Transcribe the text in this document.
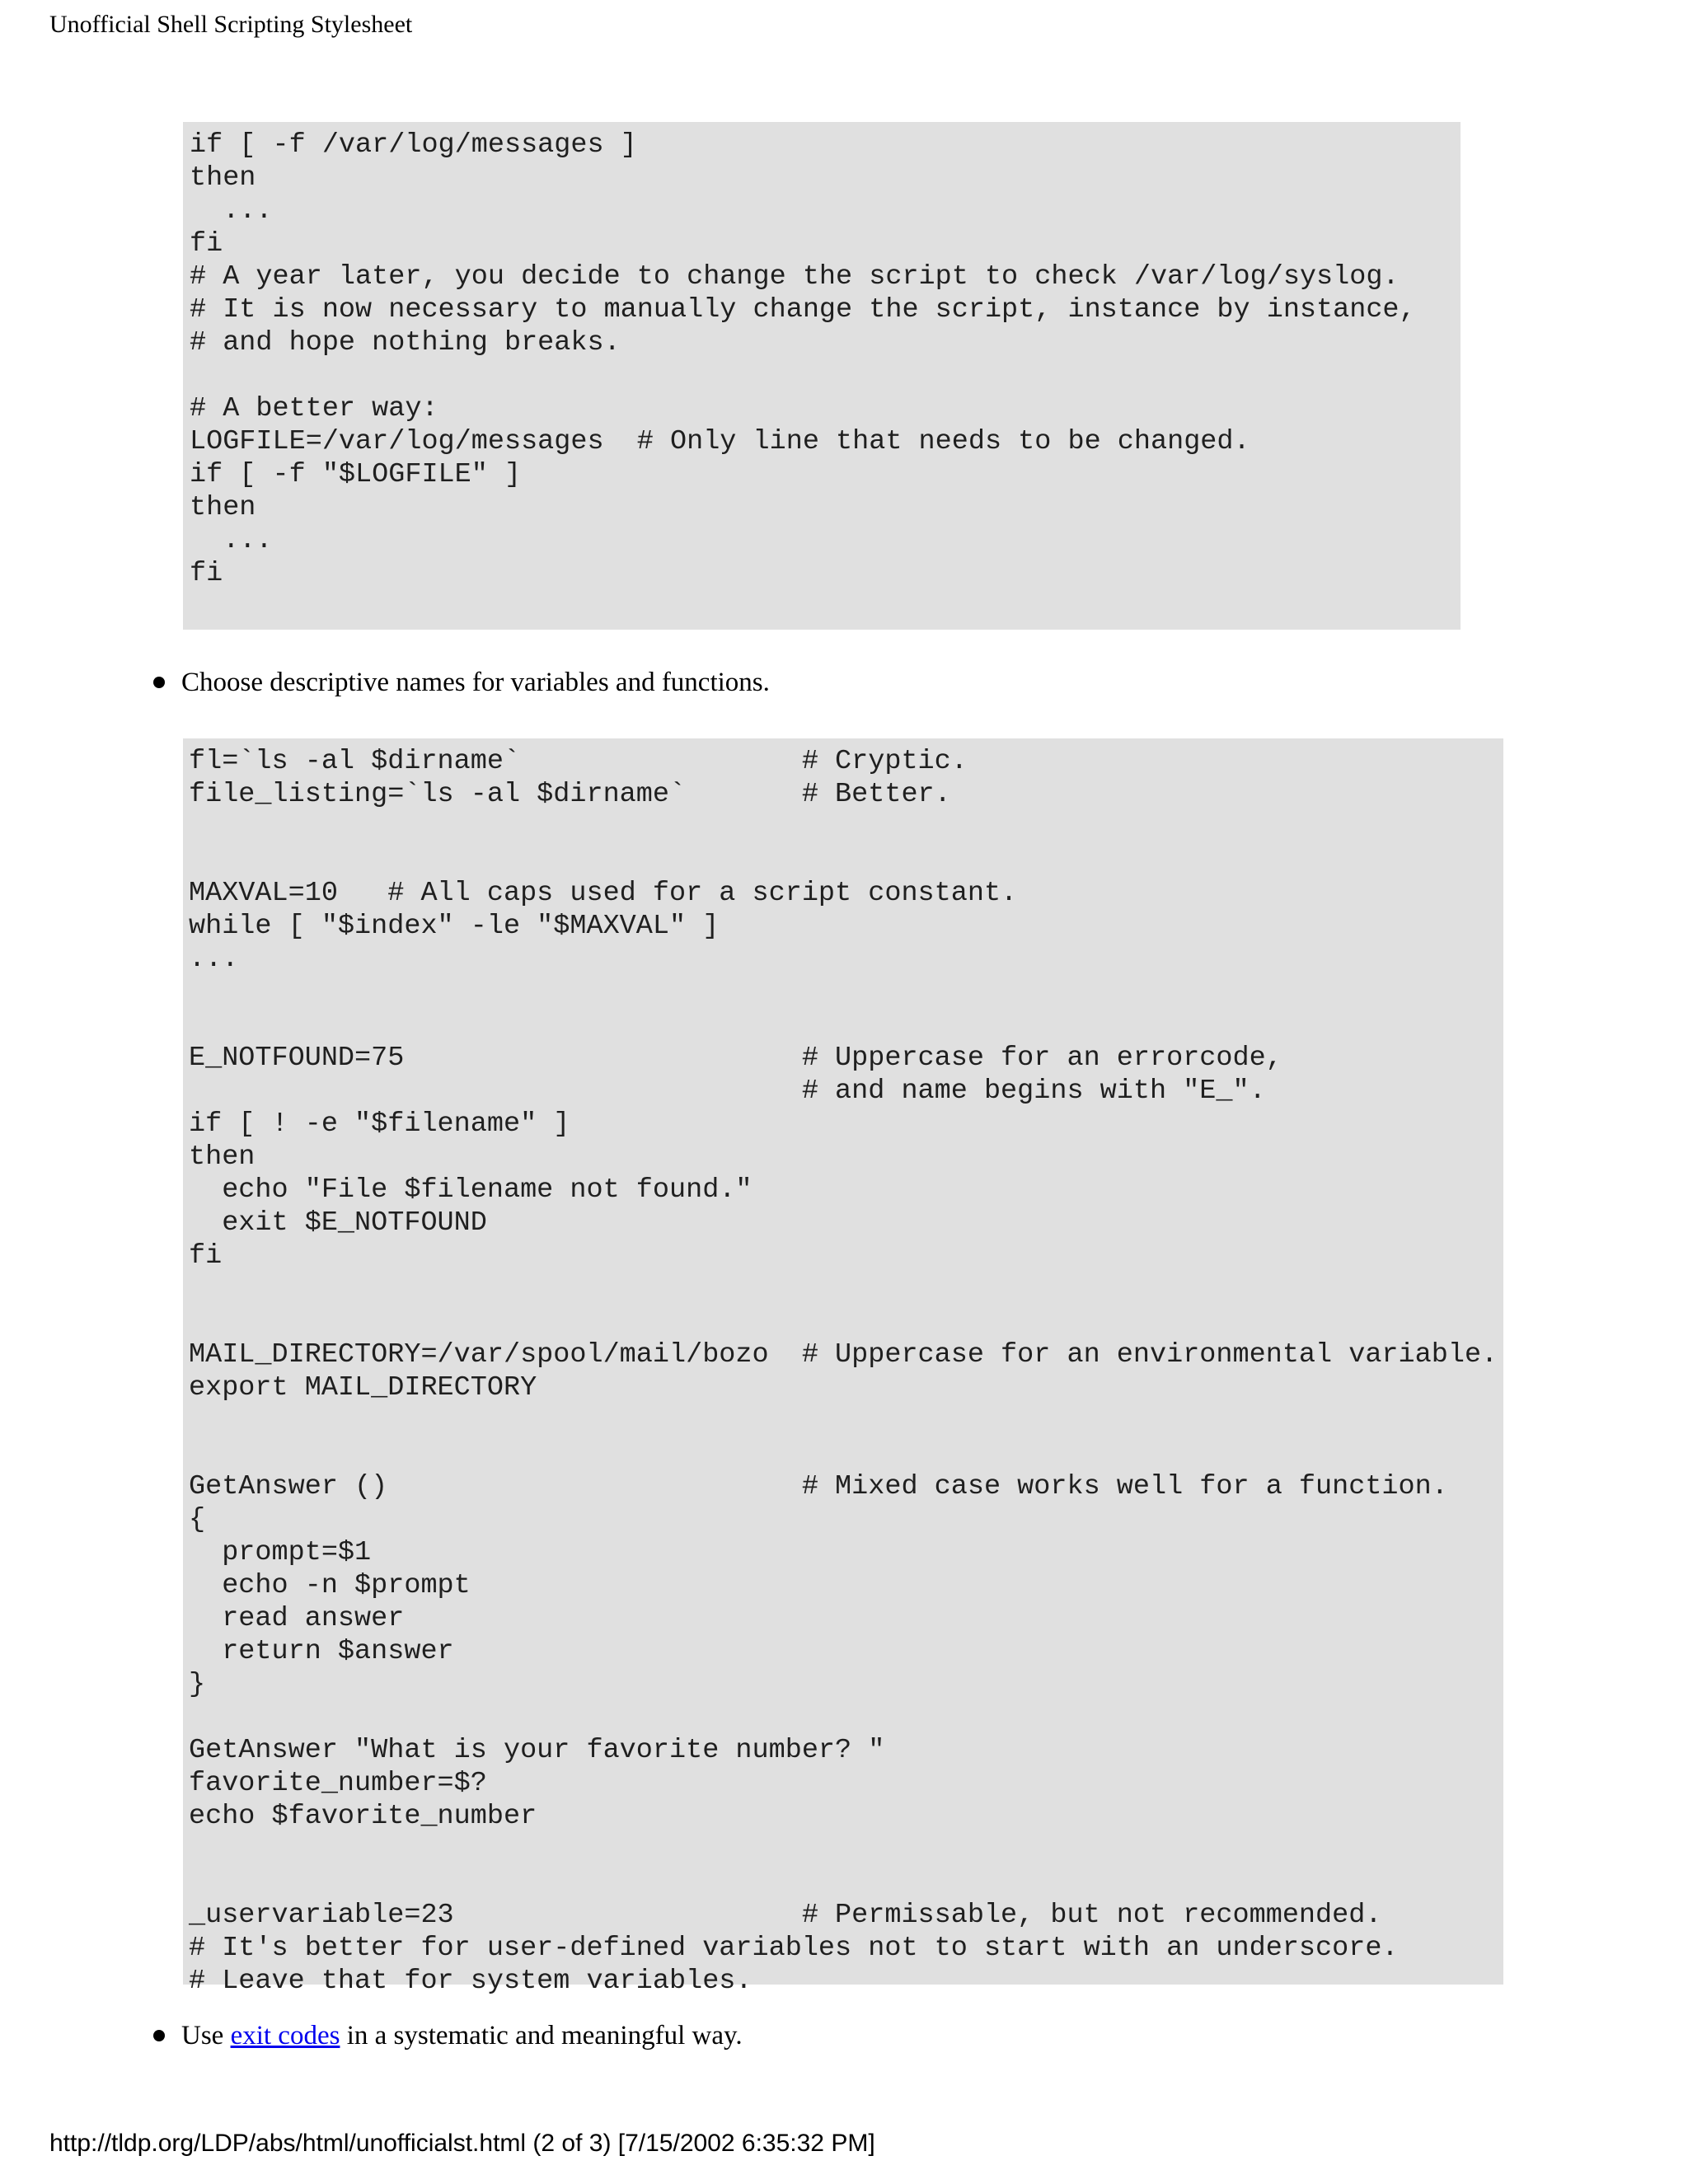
Unofficial Shell Scripting Stylesheet
if [ -f /var/log/messages ]
then
...
fi
# A year later, you decide to change the script to check /var/log/syslog.
# It is now necessary to manually change the script, instance by instance,
# and hope nothing breaks.

# A better way:
LOGFILE=/var/log/messages  # Only line that needs to be changed.
if [ -f "$LOGFILE" ]
then
...
fi
Choose descriptive names for variables and functions.
fl=`ls -al $dirname`                 # Cryptic.
file_listing=`ls -al $dirname`       # Better.

MAXVAL=10   # All caps used for a script constant.
while [ "$index" -le "$MAXVAL" ]
...

E_NOTFOUND=75                        # Uppercase for an errorcode,
# and name begins with "E_".
if [ ! -e "$filename" ]
then
echo "File $filename not found."
exit $E_NOTFOUND
fi

MAIL_DIRECTORY=/var/spool/mail/bozo  # Uppercase for an environmental variable.
export MAIL_DIRECTORY

GetAnswer ()                         # Mixed case works well for a function.
{
prompt=$1
echo -n $prompt
read answer
return $answer
}

GetAnswer "What is your favorite number? "
favorite_number=$?
echo $favorite_number

_uservariable=23                     # Permissable, but not recommended.
# It's better for user-defined variables not to start with an underscore.
# Leave that for system variables.
Use exit codes in a systematic and meaningful way.
http://tldp.org/LDP/abs/html/unofficialst.html (2 of 3) [7/15/2002 6:35:32 PM]
